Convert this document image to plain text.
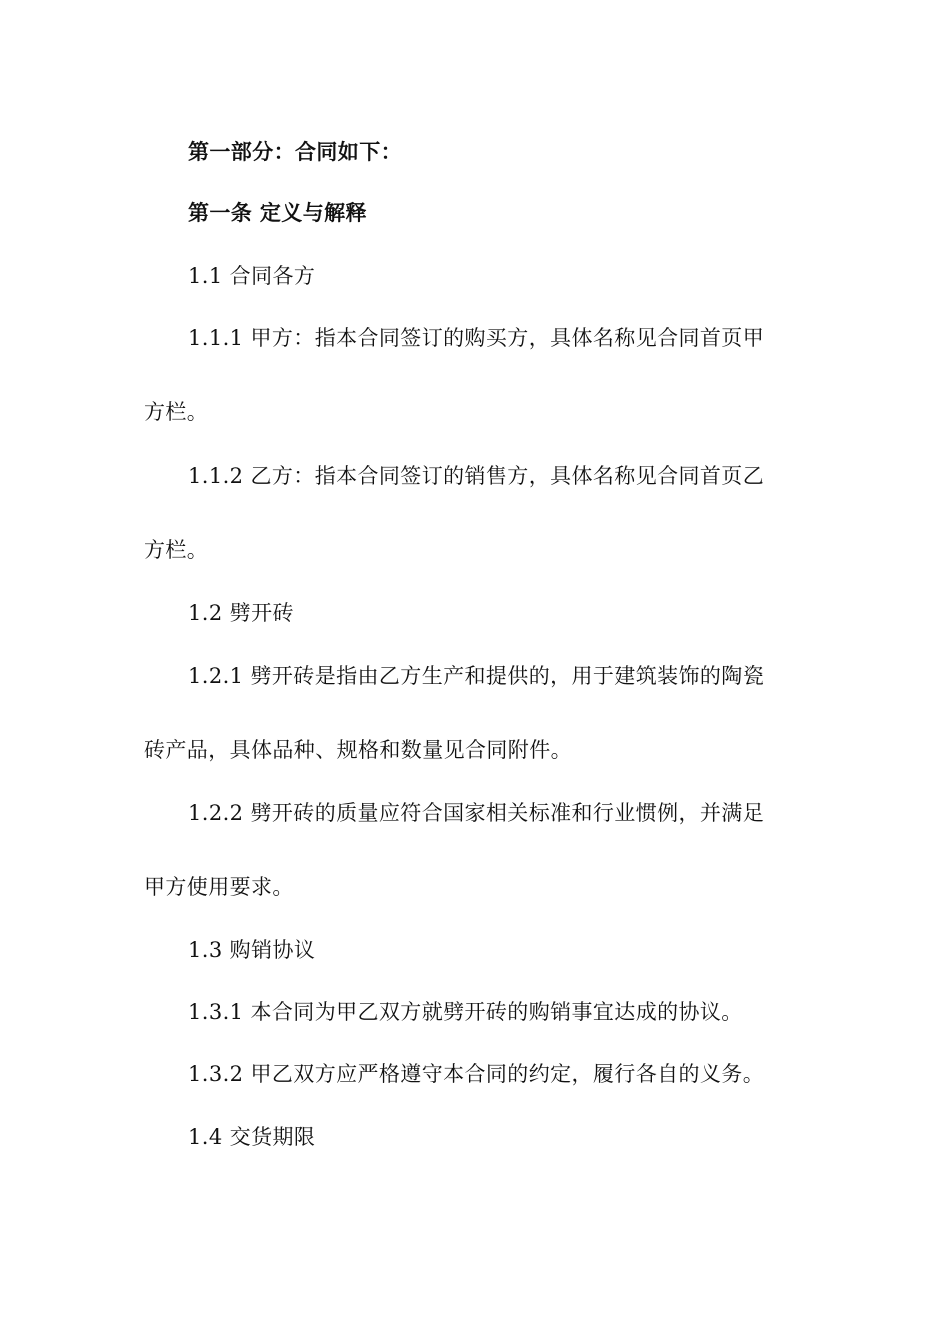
第一部分：合同如下：
第一条 定义与解释
1.1 合同各方
1.1.1 甲方：指本合同签订的购买方，具体名称见合同首页甲
方栏。
1.1.2 乙方：指本合同签订的销售方，具体名称见合同首页乙
方栏。
1.2 劈开砖
1.2.1 劈开砖是指由乙方生产和提供的，用于建筑装饰的陶瓷
砖产品，具体品种、规格和数量见合同附件。
1.2.2 劈开砖的质量应符合国家相关标准和行业惯例，并满足
甲方使用要求。
1.3 购销协议
1.3.1 本合同为甲乙双方就劈开砖的购销事宜达成的协议。
1.3.2 甲乙双方应严格遵守本合同的约定，履行各自的义务。
1.4 交货期限
